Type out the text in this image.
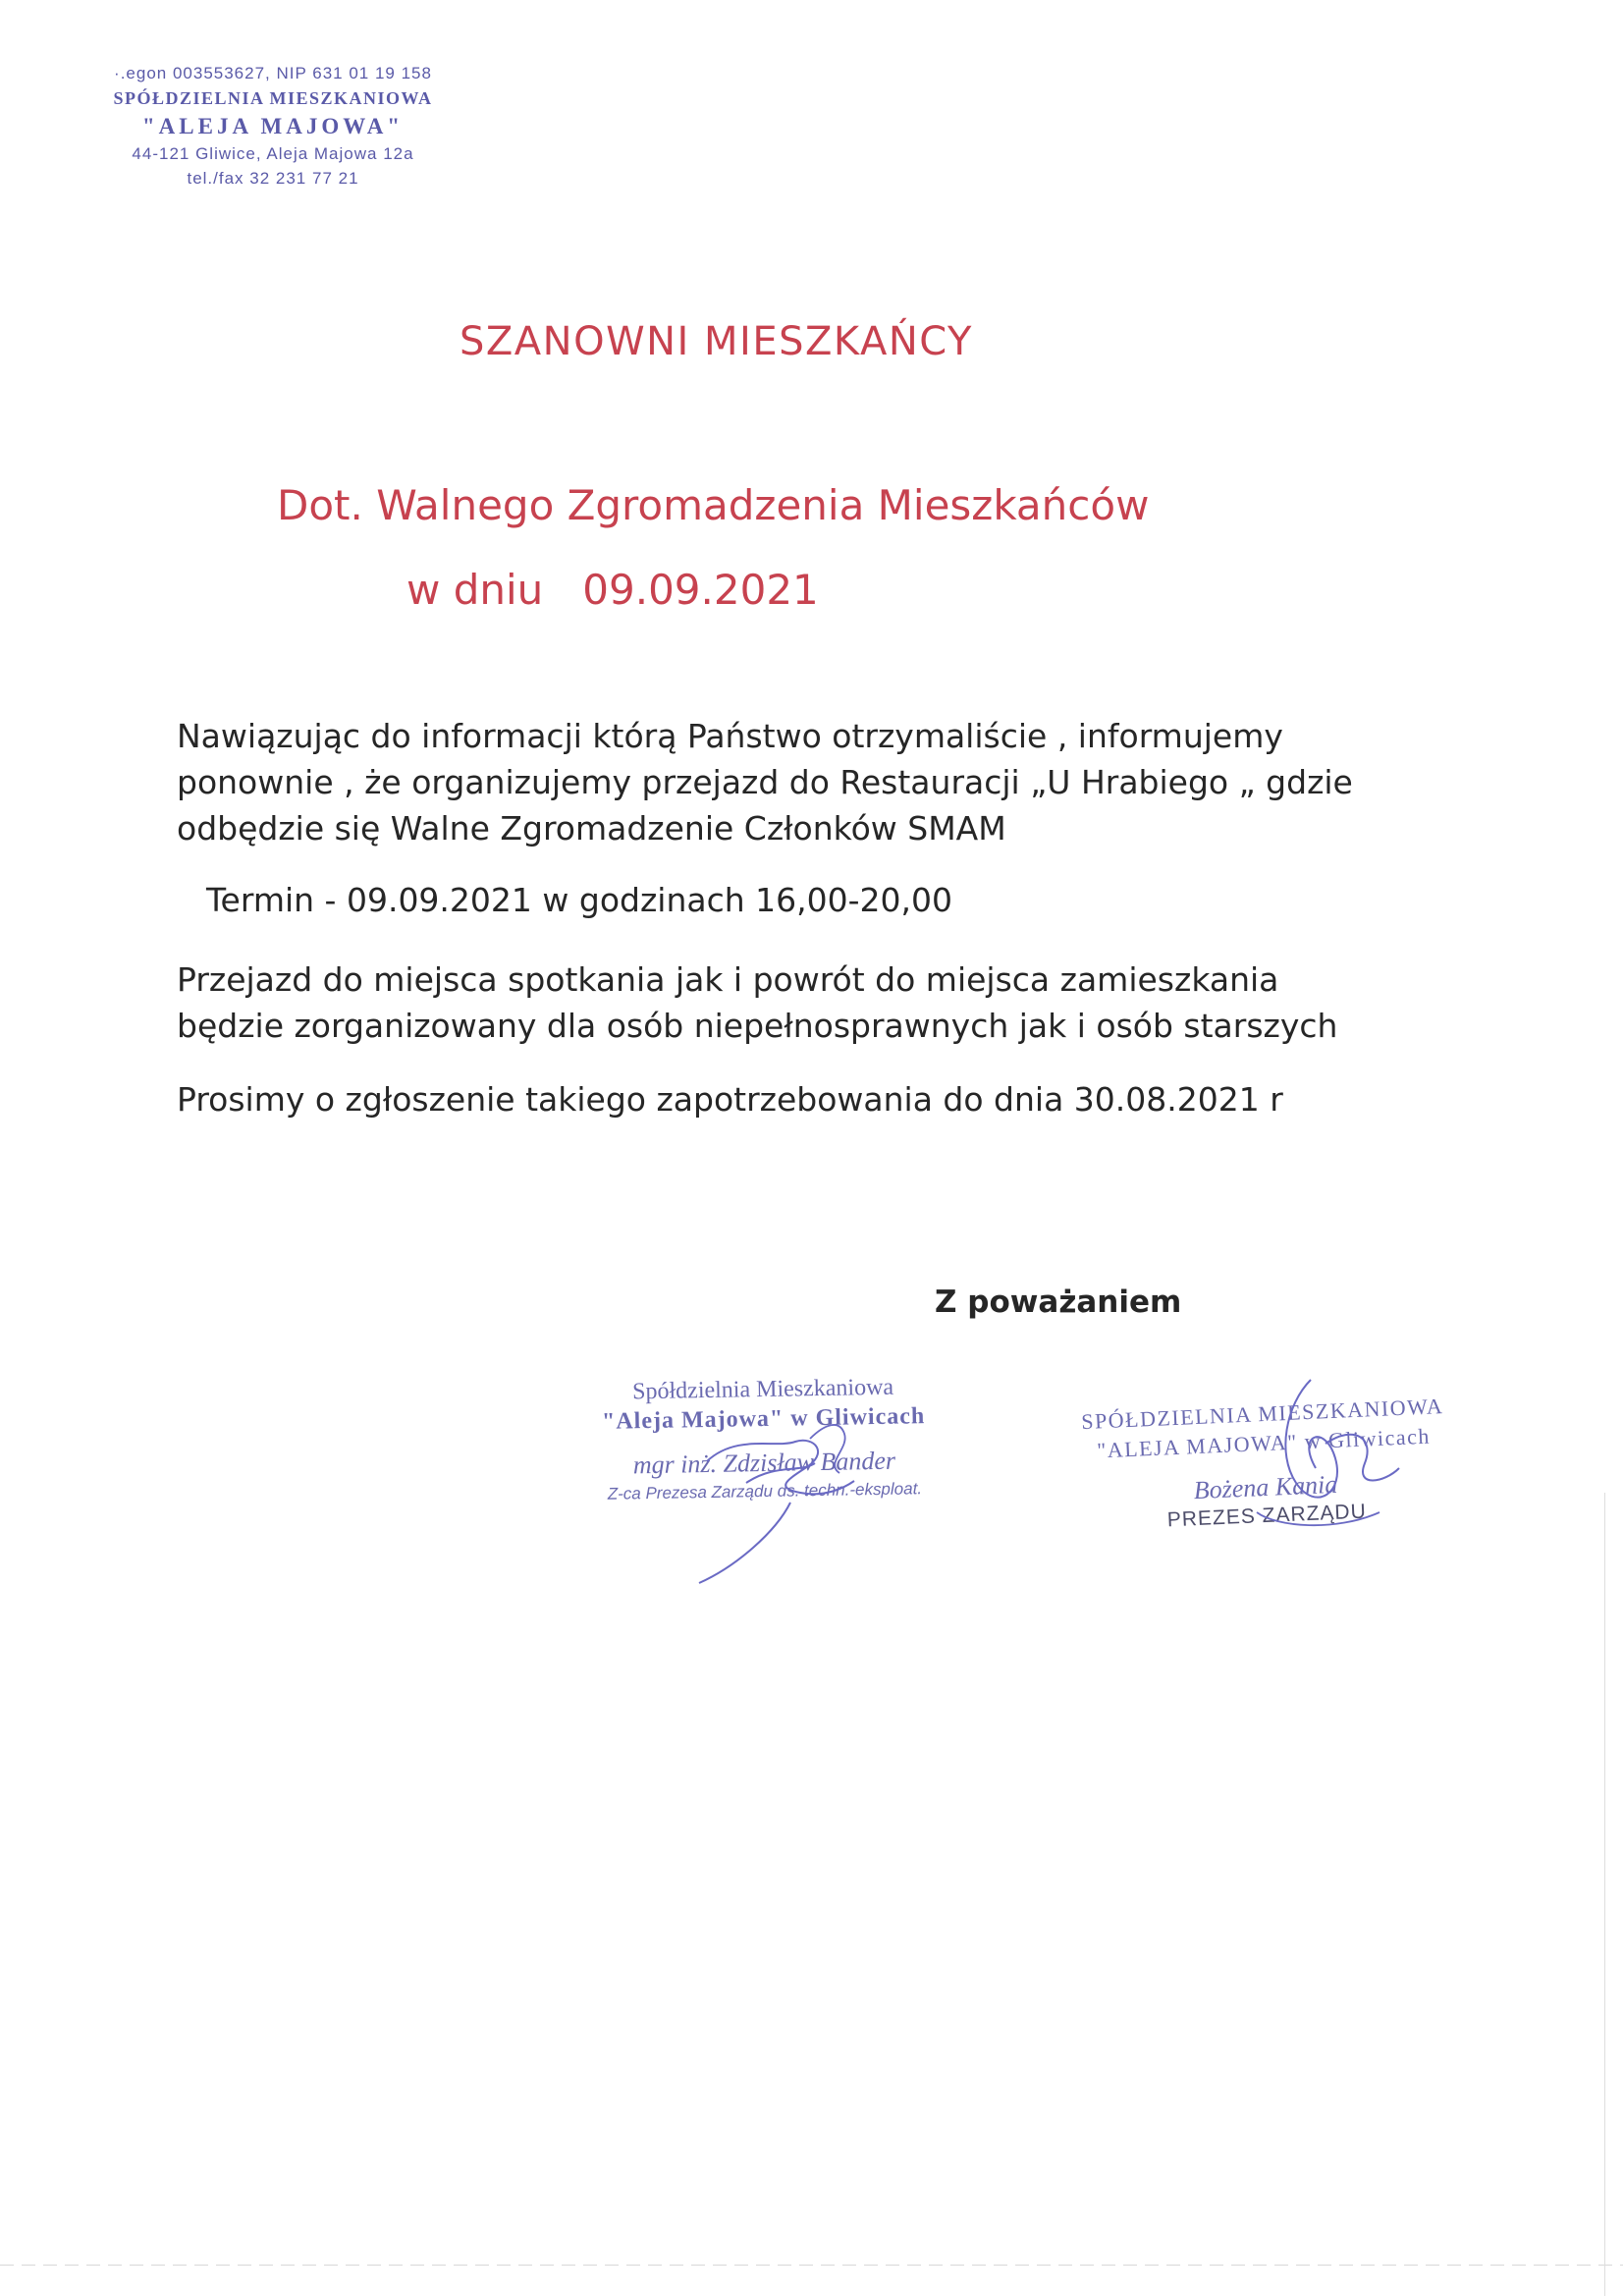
·.egon 003553627, NIP 631 01 19 158
SPÓŁDZIELNIA MIESZKANIOWA
"ALEJA MAJOWA"
44-121 Gliwice, Aleja Majowa 12a
tel./fax 32 231 77 21
SZANOWNI MIESZKAŃCY
Dot. Walnego Zgromadzenia Mieszkańców
w dniu 09.09.2021
Nawiązując do informacji którą Państwo otrzymaliście , informujemy
ponownie , że organizujemy przejazd do Restauracji „U Hrabiego „ gdzie
odbędzie się Walne Zgromadzenie Członków SMAM
Termin - 09.09.2021 w godzinach 16,00-20,00
Przejazd do miejsca spotkania jak i powrót do miejsca zamieszkania
będzie zorganizowany dla osób niepełnosprawnych jak i osób starszych
Prosimy o zgłoszenie takiego zapotrzebowania do dnia 30.08.2021 r
Z poważaniem
Spółdzielnia Mieszkaniowa
"Aleja Majowa" w Gliwicach
mgr inż. Zdzisław Bander
Z-ca Prezesa Zarządu ds. techn.-eksploat.
SPÓŁDZIELNIA MIESZKANIOWA
"ALEJA MAJOWA" w Gliwicach
Bożena Kania
PREZES ZARZĄDU
